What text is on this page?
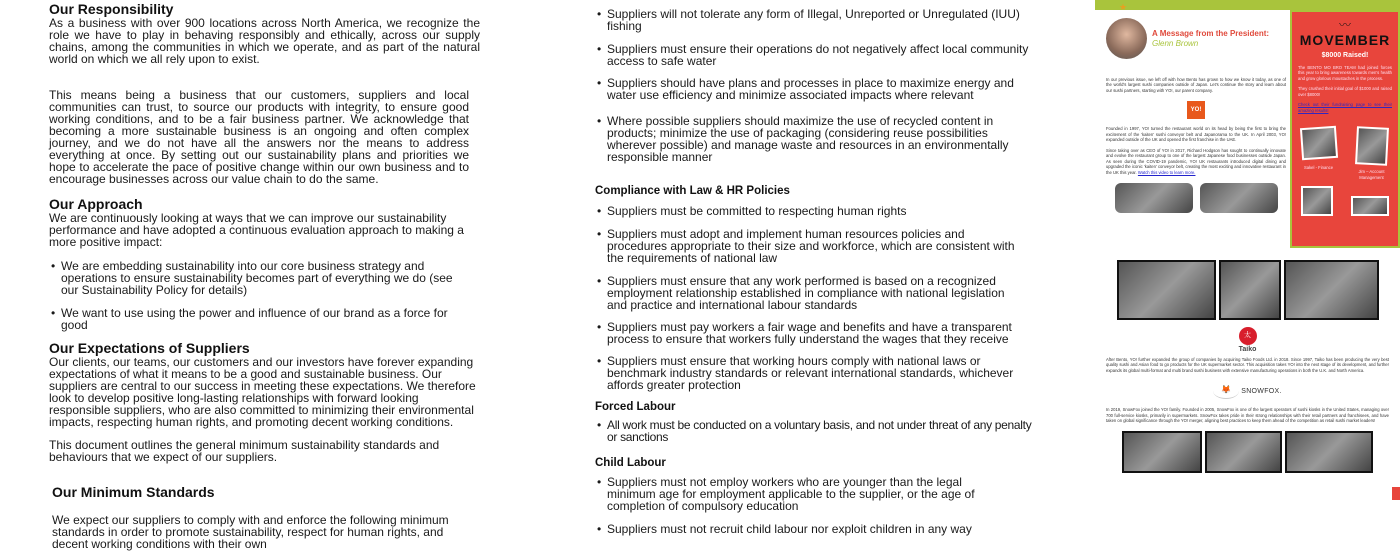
Our Responsibility

As a business with over 900 locations across North America, we recognize the role we have to play in behaving responsibly and ethically, across our supply chains, among the communities in which we operate, and as part of the natural world on which we all rely upon to exist.

This means being a business that our customers, suppliers and local communities can trust, to source our products with integrity, to ensure good working conditions, and to be a fair business partner. We acknowledge that becoming a more sustainable business is an ongoing and often complex journey, and we do not have all the answers nor the means to address everything at once. By setting out our sustainability plans and priorities we hope to accelerate the pace of positive change within our own business and to encourage businesses across our value chain to do the same.

Our Approach

We are continuously looking at ways that we can improve our sustainability performance and have adopted a continuous evaluation approach to making a more positive impact:

• We are embedding sustainability into our core business strategy and operations to ensure sustainability becomes part of everything we do (see our Sustainability Policy for details)
• We want to use using the power and influence of our brand as a force for good
Our Expectations of Suppliers

Our clients, our teams, our customers and our investors have forever expanding expectations of what it means to be a good and sustainable business. Our suppliers are central to our success in meeting these expectations. We therefore look to develop positive long-lasting relationships with forward looking responsible suppliers, who are also committed to minimizing their environmental impacts, respecting human rights, and promoting decent working conditions.

This document outlines the general minimum sustainability standards and behaviours that we expect of our suppliers.

Our Minimum Standards

We expect our suppliers to comply with and enforce the following minimum standards in order to promote sustainability, respect for human rights, and decent working conditions with their own

• Suppliers will not tolerate any form of Illegal, Unreported or Unregulated (IUU) fishing
• Suppliers must ensure their operations do not negatively affect local community access to safe water
• Suppliers should have plans and processes in place to maximize energy and water use efficiency and minimize associated impacts where relevant
• Where possible suppliers should maximize the use of recycled content in products; minimize the use of packaging (considering reuse possibilities wherever possible) and manage waste and resources in an environmentally responsible manner
Compliance with Law & HR Policies
• Suppliers must be committed to respecting human rights
• Suppliers must adopt and implement human resources policies and procedures appropriate to their size and workforce, which are consistent with the requirements of national law
• Suppliers must ensure that any work performed is based on a recognized employment relationship established in compliance with national legislation and practice and international labour standards
• Suppliers must pay workers a fair wage and benefits and have a transparent process to ensure that workers fully understand the wages that they receive
• Suppliers must ensure that working hours comply with national laws or benchmark industry standards or relevant international standards, whichever affords greater protection
Forced Labour
• All work must be conducted on a voluntary basis, and not under threat of any penalty or sanctions
Child Labour
• Suppliers must not employ workers who are younger than the legal minimum age for employment applicable to the supplier, or the age of completion of compulsory education
• Suppliers must not recruit child labour nor exploit children in any way
★
A Message from the President:
Glenn Brown

In our previous issue, we left off with how Bento has grown to how we know it today, as one of the world's largest sushi companies outside of Japan. Let's continue the story and learn about our sushi partners, starting with YO!, our parent company.

YO!

Founded in 1997, YO! turned the restaurant world on its head by being the first to bring the excitement of the 'kaiten' sushi conveyor belt and Japanorama to the UK. In April 2003, YO! expanded outside of the UK and opened the first franchise in the UAE.

Since taking over as CEO of YO! in 2017, Richard Hodgson has sought to continually innovate and evolve the restaurant group to one of the largest Japanese food businesses outside Japan. As seen during the COVID-19 pandemic, YO! UK restaurants introduced digital dining and upgraded the iconic 'kaiten' conveyor belt, creating the most exciting and innovative restaurant in the UK this year. Watch this video to learn more.

〰
MOVEMBER
$8000 Raised!

The BENTO MO BRO TEAM had joined forces this year to bring awareness towards men's health and grow glorious moustaches in the process.

They crushed their initial goal of $1000 and raised over $8000!

Check out their fundraising page to see their amazing results!
Sakel - Finance
Jim – Account Management
太
Taiko

After Bento, YO! further expanded the group of companies by acquiring Taiko Foods Ltd. in 2018. Since 1997, Taiko has been producing the very best quality sushi and Asian food to go products for the UK supermarket sector. This acquisition takes YO! into the next stage of its development, and further expands its global multi-format and multi brand sushi business with extensive manufacturing operations in both the U.K. and North America.

🦊	SNOWFOX.

In 2019, SnowFox joined the YO! family. Founded in 2005, SnowFox is one of the largest operators of sushi kiosks in the United States, managing over 700 full-service kiosks, primarily in supermarkets. SnowFox takes pride in their strong relationships with their retail partners and franchisees, and have taken on global significance through the YO! merger, aligning best practices to keep them ahead of the competition as retail sushi market leaders!
